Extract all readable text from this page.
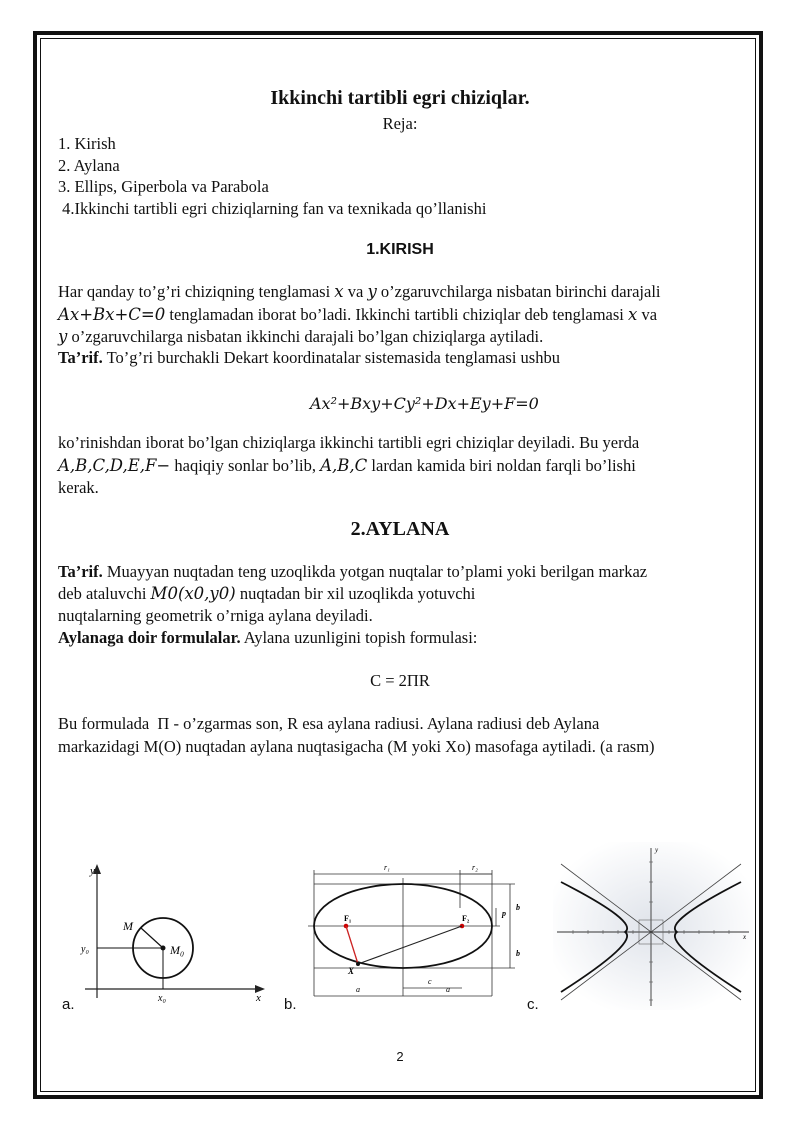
Ikkinchi tartibli egri chiziqlar.
Reja:
1. Kirish
2. Aylana
3. Ellips, Giperbola va Parabola
4.Ikkinchi tartibli egri chiziqlarning fan va texnikada qo’llanishi
1.KIRISH
Har qanday to’g’ri chiziqning tenglamasi x va y o’zgaruvchilarga nisbatan birinchi darajali
Ax+Bx+C=0 tenglamadan iborat bo’ladi. Ikkinchi tartibli chiziqlar deb tenglamasi x va
y o’zgaruvchilarga nisbatan ikkinchi darajali bo’lgan chiziqlarga aytiladi.
Ta’rif. To’g’ri burchakli Dekart koordinatalar sistemasida tenglamasi ushbu
Ax²+Bxy+Cy²+Dx+Ey+F=0
ko’rinishdan iborat bo’lgan chiziqlarga ikkinchi tartibli egri chiziqlar deyiladi. Bu yerda
A,B,C,D,E,F− haqiqiy sonlar bo’lib, A,B,C lardan kamida biri noldan farqli bo’lishi
kerak.
2.AYLANA
Ta’rif. Muayyan nuqtadan teng uzoqlikda yotgan nuqtalar to’plami yoki berilgan markaz
deb ataluvchi M0(x0,y0) nuqtadan bir xil uzoqlikda yotuvchi
nuqtalarning geometrik o’rniga aylana deyiladi.
Aylanaga doir formulalar. Aylana uzunligini topish formulasi:
C = 2ΠR
Bu formulada  Π - o’zgarmas son, R esa aylana radiusi. Aylana radiusi deb Aylana
markazidagi M(O) nuqtadan aylana nuqtasigacha (M yoki Xo) masofaga aytiladi. (a rasm)
y
x
M
M₀
y₀
x₀
a.
r₁	r₂
F₁	F₂
X
p
b
b
a	a
c
b.
y
x
c.
2
